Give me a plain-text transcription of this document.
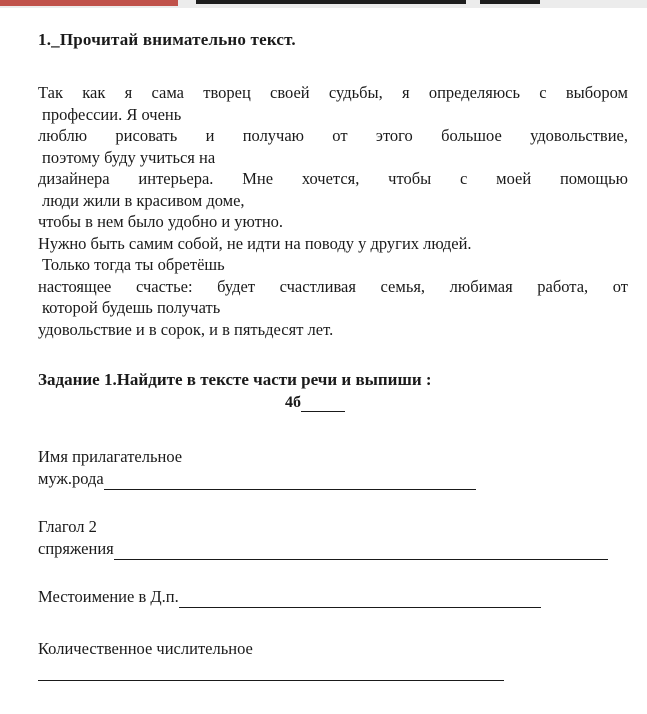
1._Прочитай внимательно текст.

Так как я сама творец своей судьбы, я определяюсь с выбором
профессии. Я очень
люблю рисовать и получаю от этого большое удовольствие,
поэтому буду учиться на
дизайнера интерьера. Мне хочется, чтобы с моей помощью
люди жили в красивом доме,
чтобы в нем было удобно и уютно.
Нужно быть самим собой, не идти на поводу у других людей.
Только тогда ты обретёшь
настоящее счастье: будет счастливая семья, любимая работа, от
которой будешь получать
удовольствие и в сорок, и в пятьдесят лет.
Задание 1.Найдите в тексте части речи и выпиши :
4б
Имя прилагательное
муж.рода
Глагол 2
спряжения
Местоимение в Д.п.
Количественное числительное
